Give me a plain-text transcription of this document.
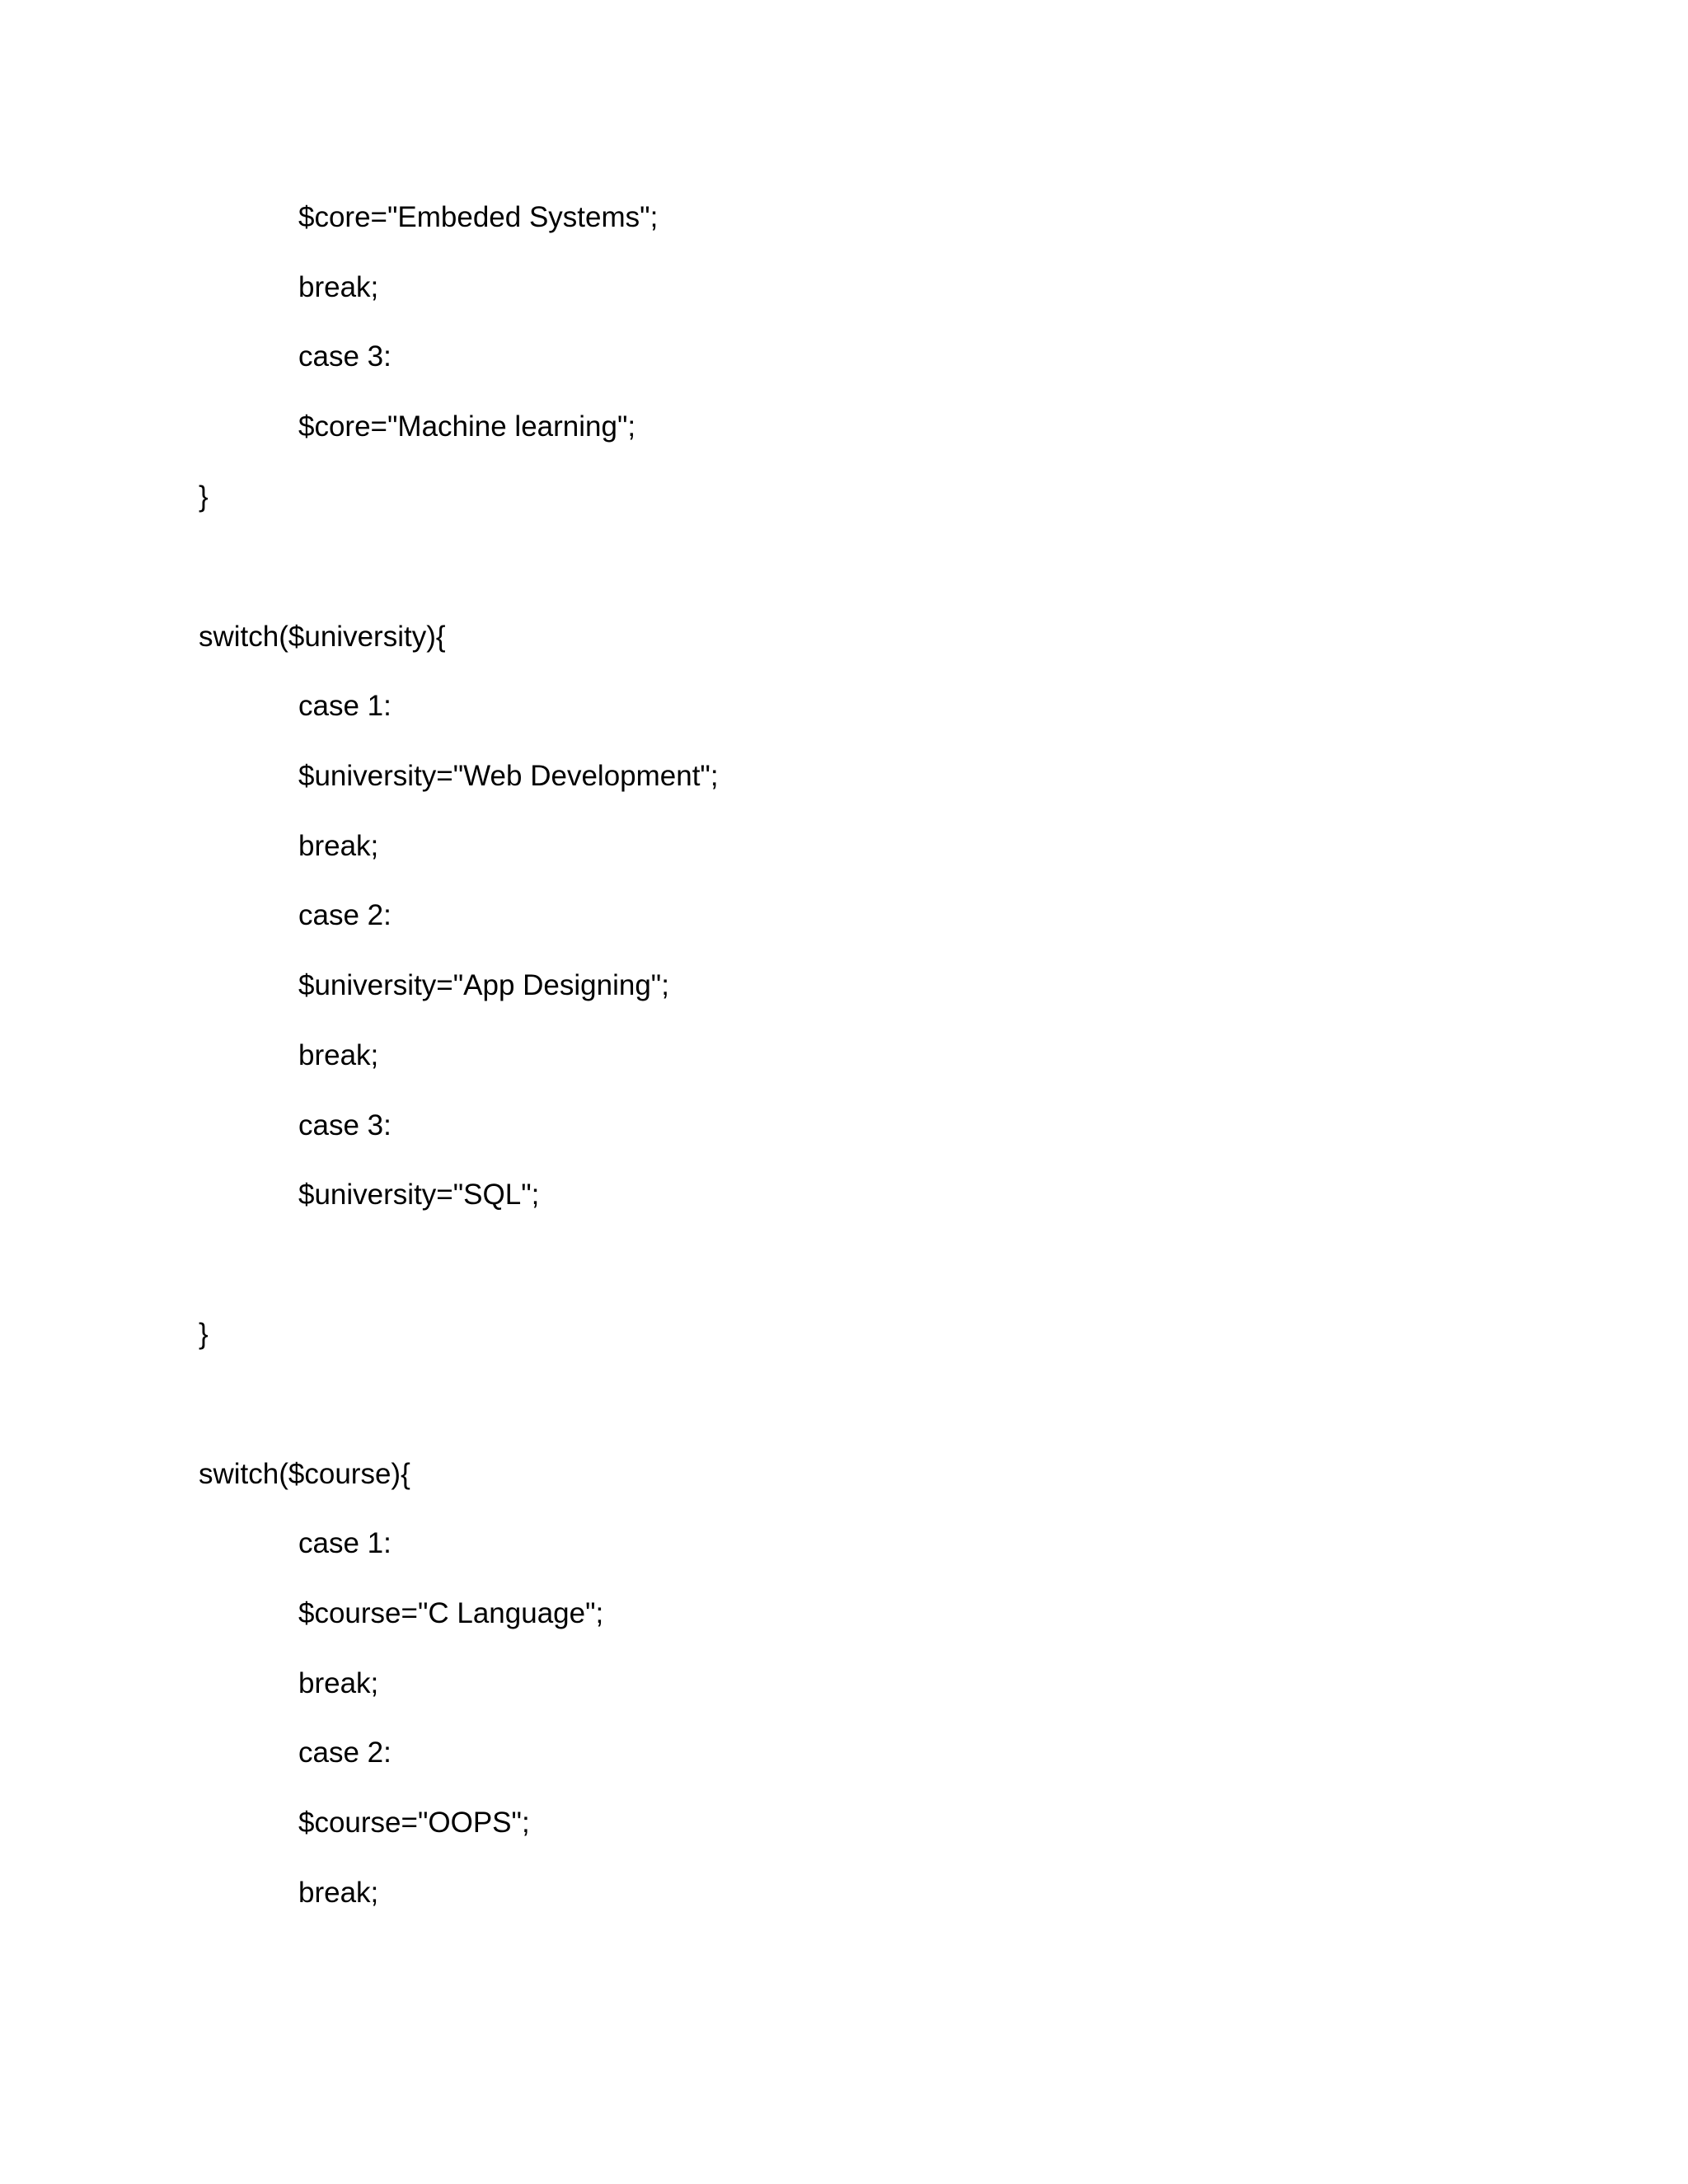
$core="Embeded Systems";

break;

case 3:

$core="Machine learning";

}

switch($university){

case 1:

$university="Web Development";

break;

case 2:

$university="App Designing";

break;

case 3:

$university="SQL";

}

switch($course){

case 1:

$course="C Language";

break;

case 2:

$course="OOPS";

break;
